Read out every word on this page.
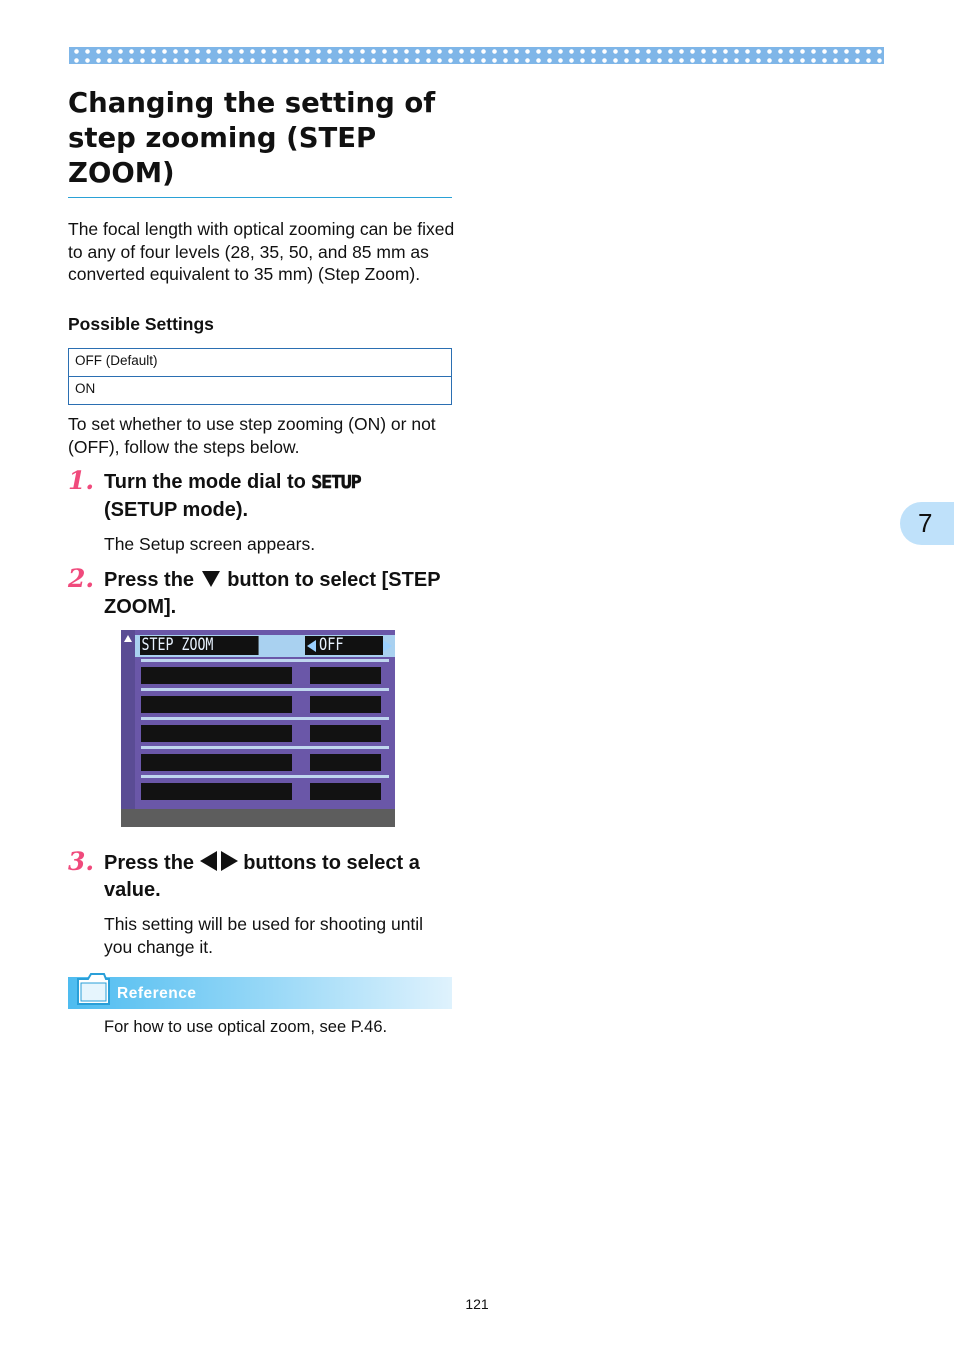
Changing the setting of step zooming (STEP ZOOM)

The focal length with optical zooming can be fixed to any of four levels (28, 35, 50, and 85 mm as converted equivalent to 35 mm) (Step Zoom).

Possible Settings

OFF (Default)
ON

To set whether to use step zooming (ON) or not (OFF), follow the steps below.

1. Turn the mode dial to SETUP
(SETUP mode).

The Setup screen appears.

2. Press the button to select [STEP ZOOM].

STEP ZOOM	OFF
3. Press the buttons to select a value.

This setting will be used for shooting until you change it.

7
Reference

For how to use optical zoom, see P.46.

121
